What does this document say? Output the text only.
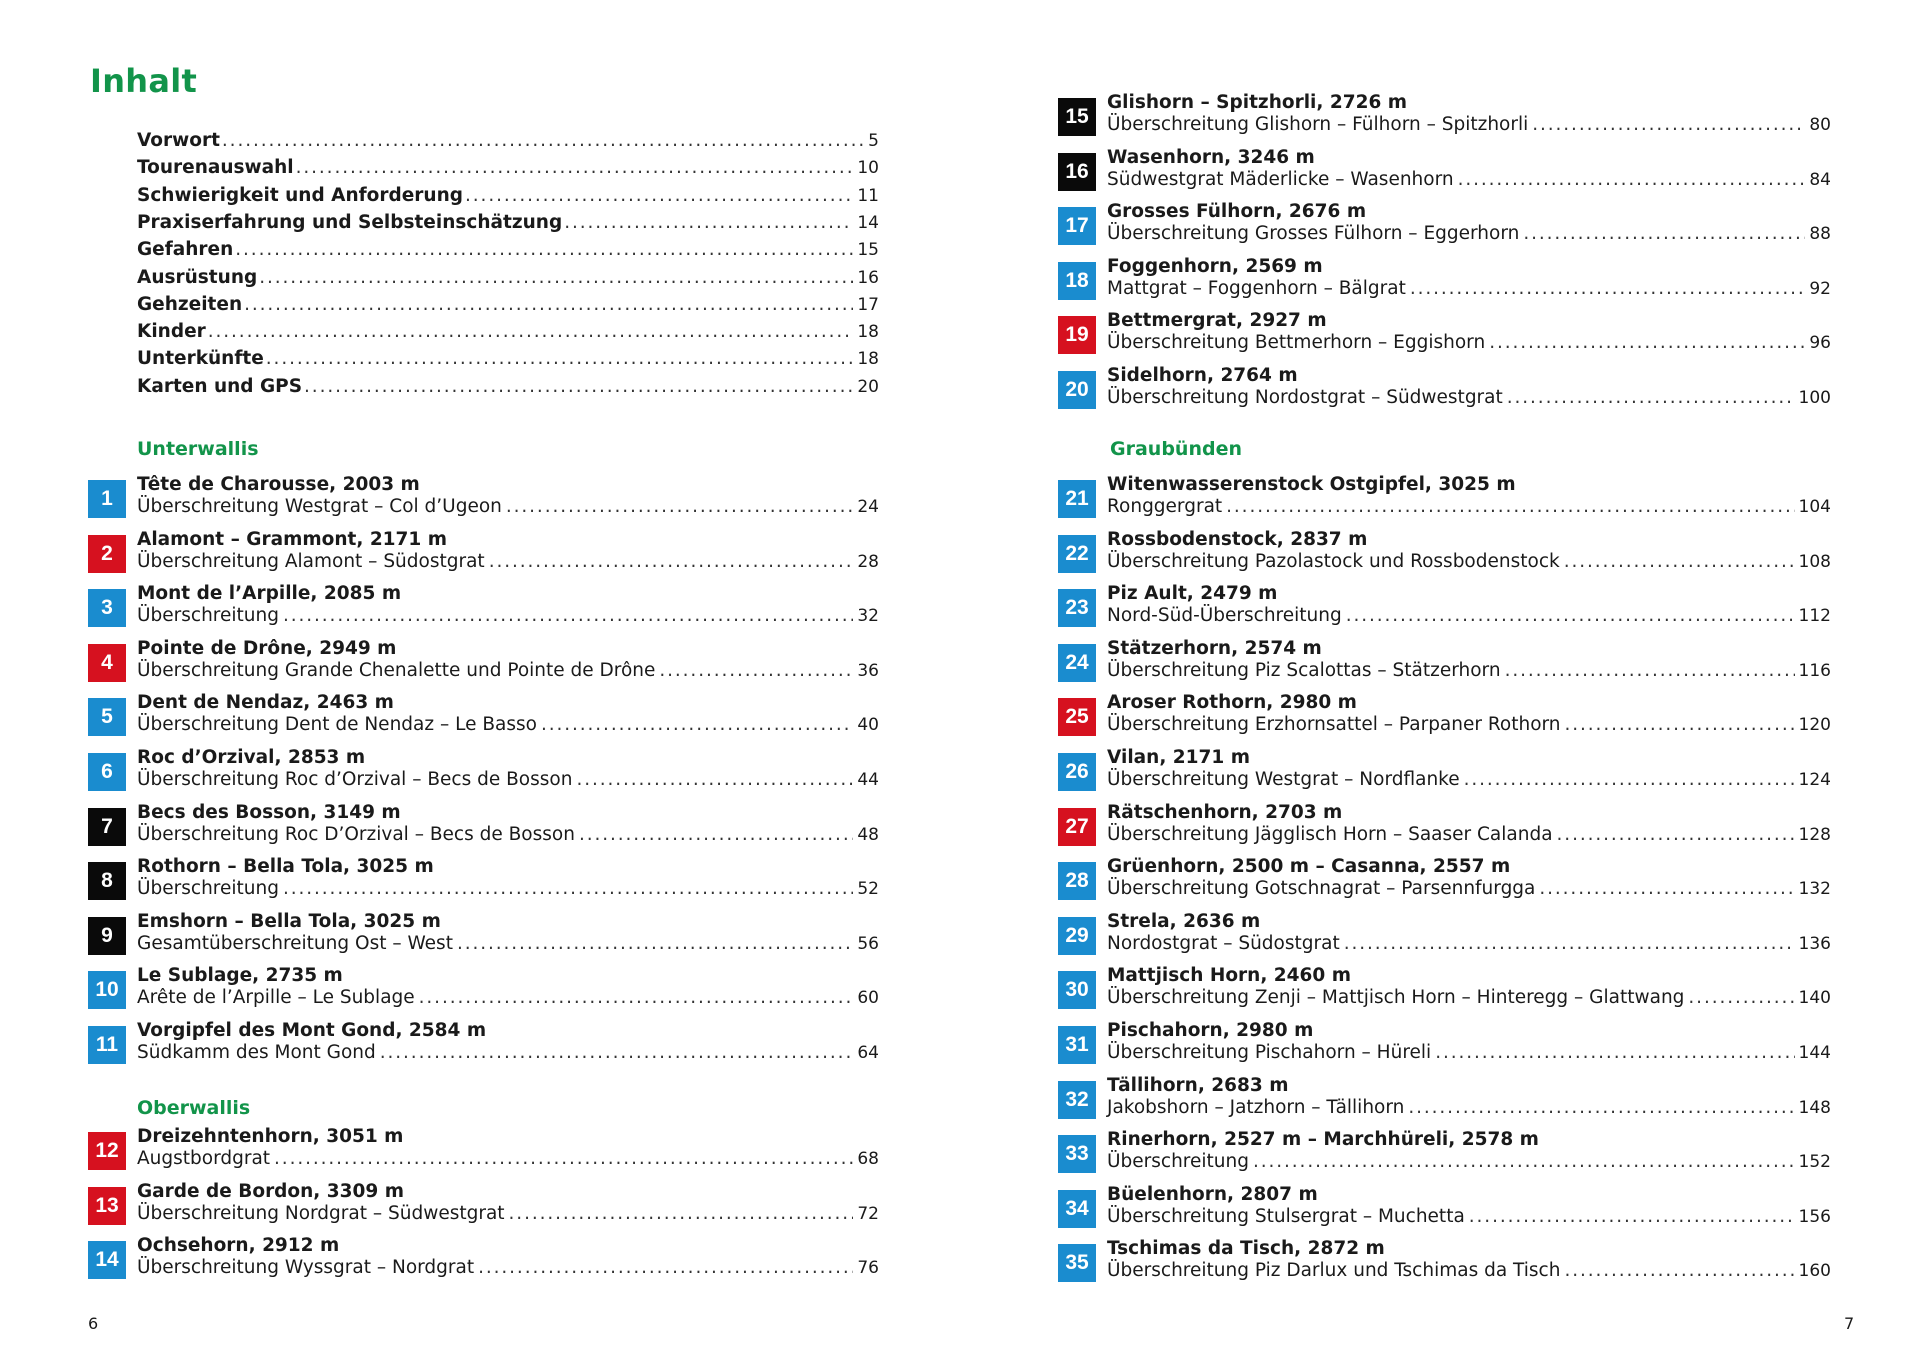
Inhalt
Vorwort . . .	5
Tourenauswahl . . .	10
Schwierigkeit und Anforderung . . .	11
Praxiserfahrung und Selbsteinschätzung . . .	14
Gefahren . . .	15
Ausrüstung . . .	16
Gehzeiten . . .	17
Kinder . . .	18
Unterkünfte . . .	18
Karten und GPS . . .	20
Unterwallis
Oberwallis
1
Tête de Charousse, 2003 m
Überschreitung Westgrat – Col d’Ugeon . . .	24
2
Alamont – Grammont, 2171 m
Überschreitung Alamont – Südostgrat . . .	28
3
Mont de l’Arpille, 2085 m
Überschreitung . . .	32
4
Pointe de Drône, 2949 m
Überschreitung Grande Chenalette und Pointe de Drône . . .	36
5
Dent de Nendaz, 2463 m
Überschreitung Dent de Nendaz – Le Basso . . .	40
6
Roc d’Orzival, 2853 m
Überschreitung Roc d’Orzival – Becs de Bosson . . .	44
7
Becs des Bosson, 3149 m
Überschreitung Roc D’Orzival – Becs de Bosson . . .	48
8
Rothorn – Bella Tola, 3025 m
Überschreitung . . .	52
9
Emshorn – Bella Tola, 3025 m
Gesamtüberschreitung Ost – West . . .	56
10
Le Sublage, 2735 m
Arête de l’Arpille – Le Sublage . . .	60
11
Vorgipfel des Mont Gond, 2584 m
Südkamm des Mont Gond . . .	64
12
Dreizehntenhorn, 3051 m
Augstbordgrat . . .	68
13
Garde de Bordon, 3309 m
Überschreitung Nordgrat – Südwestgrat . . .	72
14
Ochsehorn, 2912 m
Überschreitung Wyssgrat – Nordgrat . . .	76
6
Graubünden
15
Glishorn – Spitzhorli, 2726 m
Überschreitung Glishorn – Fülhorn – Spitzhorli . . .	80
16
Wasenhorn, 3246 m
Südwestgrat Mäderlicke – Wasenhorn . . .	84
17
Grosses Fülhorn, 2676 m
Überschreitung Grosses Fülhorn – Eggerhorn . . .	88
18
Foggenhorn, 2569 m
Mattgrat – Foggenhorn – Bälgrat . . .	92
19
Bettmergrat, 2927 m
Überschreitung Bettmerhorn – Eggishorn . . .	96
20
Sidelhorn, 2764 m
Überschreitung Nordostgrat – Südwestgrat . . .	100
21
Witenwasserenstock Ostgipfel, 3025 m
Ronggergrat . . .	104
22
Rossbodenstock, 2837 m
Überschreitung Pazolastock und Rossbodenstock . . .	108
23
Piz Ault, 2479 m
Nord-Süd-Überschreitung . . .	112
24
Stätzerhorn, 2574 m
Überschreitung Piz Scalottas – Stätzerhorn . . .	116
25
Aroser Rothorn, 2980 m
Überschreitung Erzhornsattel – Parpaner Rothorn . . .	120
26
Vilan, 2171 m
Überschreitung Westgrat – Nordflanke . . .	124
27
Rätschenhorn, 2703 m
Überschreitung Jägglisch Horn – Saaser Calanda . . .	128
28
Grüenhorn, 2500 m – Casanna, 2557 m
Überschreitung Gotschnagrat – Parsennfurgga . . .	132
29
Strela, 2636 m
Nordostgrat – Südostgrat . . .	136
30
Mattjisch Horn, 2460 m
Überschreitung Zenji – Mattjisch Horn – Hinteregg – Glattwang . . .	140
31
Pischahorn, 2980 m
Überschreitung Pischahorn – Hüreli . . .	144
32
Tällihorn, 2683 m
Jakobshorn – Jatzhorn – Tällihorn . . .	148
33
Rinerhorn, 2527 m – Marchhüreli, 2578 m
Überschreitung . . .	152
34
Büelenhorn, 2807 m
Überschreitung Stulsergrat – Muchetta . . .	156
35
Tschimas da Tisch, 2872 m
Überschreitung Piz Darlux und Tschimas da Tisch . . .	160
7
